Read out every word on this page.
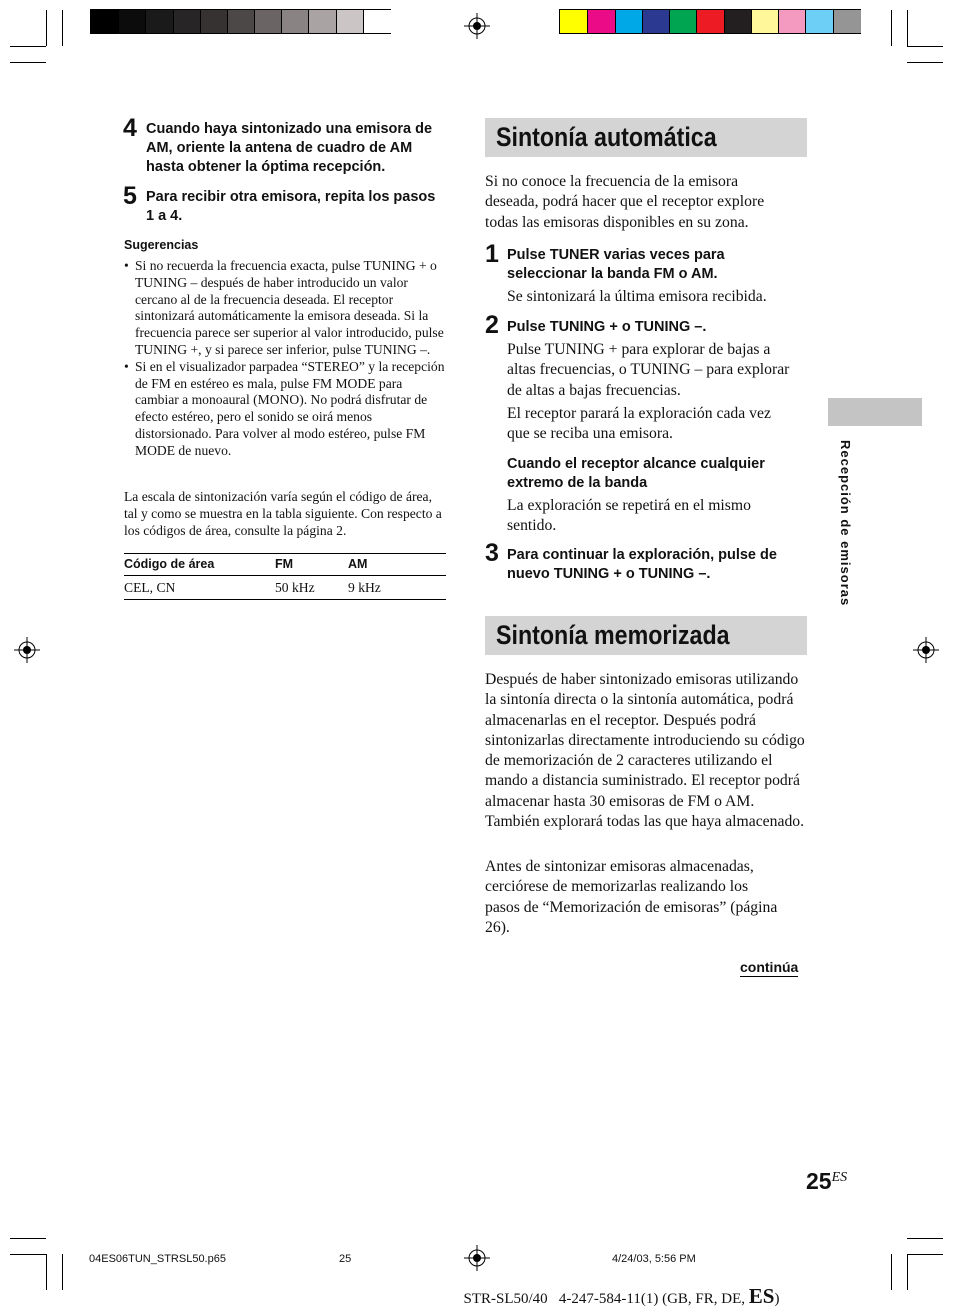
4 Cuando haya sintonizado una emisora de AM, oriente la antena de cuadro de AM hasta obtener la óptima recepción.
5 Para recibir otra emisora, repita los pasos 1 a 4.
Sugerencias
• Si no recuerda la frecuencia exacta, pulse TUNING + o TUNING – después de haber introducido un valor cercano al de la frecuencia deseada. El receptor sintonizará automáticamente la emisora deseada. Si la frecuencia parece ser superior al valor introducido, pulse TUNING +, y si parece ser inferior, pulse TUNING –.
• Si en el visualizador parpadea “STEREO” y la recepción de FM en estéreo es mala, pulse FM MODE para cambiar a monoaural (MONO). No podrá disfrutar de efecto estéreo, pero el sonido se oirá menos distorsionado. Para volver al modo estéreo, pulse FM MODE de nuevo.
La escala de sintonización varía según el código de área, tal y como se muestra en la tabla siguiente. Con respecto a los códigos de área, consulte la página 2.
Código de área	FM	AM
CEL, CN	50 kHz 9 kHz
Sintonía automática
Si no conoce la frecuencia de la emisora deseada, podrá hacer que el receptor explore todas las emisoras disponibles en su zona.
1 Pulse TUNER varias veces para seleccionar la banda FM o AM.
Se sintonizará la última emisora recibida.
2 Pulse TUNING + o TUNING –.
Pulse TUNING + para explorar de bajas a altas frecuencias, o TUNING – para explorar de altas a bajas frecuencias.
El receptor parará la exploración cada vez que se reciba una emisora.
Cuando el receptor alcance cualquier extremo de la banda
La exploración se repetirá en el mismo sentido.
3 Para continuar la exploración, pulse de nuevo TUNING + o TUNING –.
Sintonía memorizada
Después de haber sintonizado emisoras utilizando la sintonía directa o la sintonía automática, podrá almacenarlas en el receptor. Después podrá sintonizarlas directamente introduciendo su código de memorización de 2 caracteres utilizando el mando a distancia suministrado. El receptor podrá almacenar hasta 30 emisoras de FM o AM. También explorará todas las que haya almacenado.
Antes de sintonizar emisoras almacenadas, cerciórese de memorizarlas realizando los pasos de “Memorización de emisoras” (página 26).
continúa
Recepción de emisoras
25ES
04ES06TUN_STRSL50.p65	25	4/24/03, 5:56 PM

STR-SL50/40   4-247-584-11(1) (GB, FR, DE, ES)
